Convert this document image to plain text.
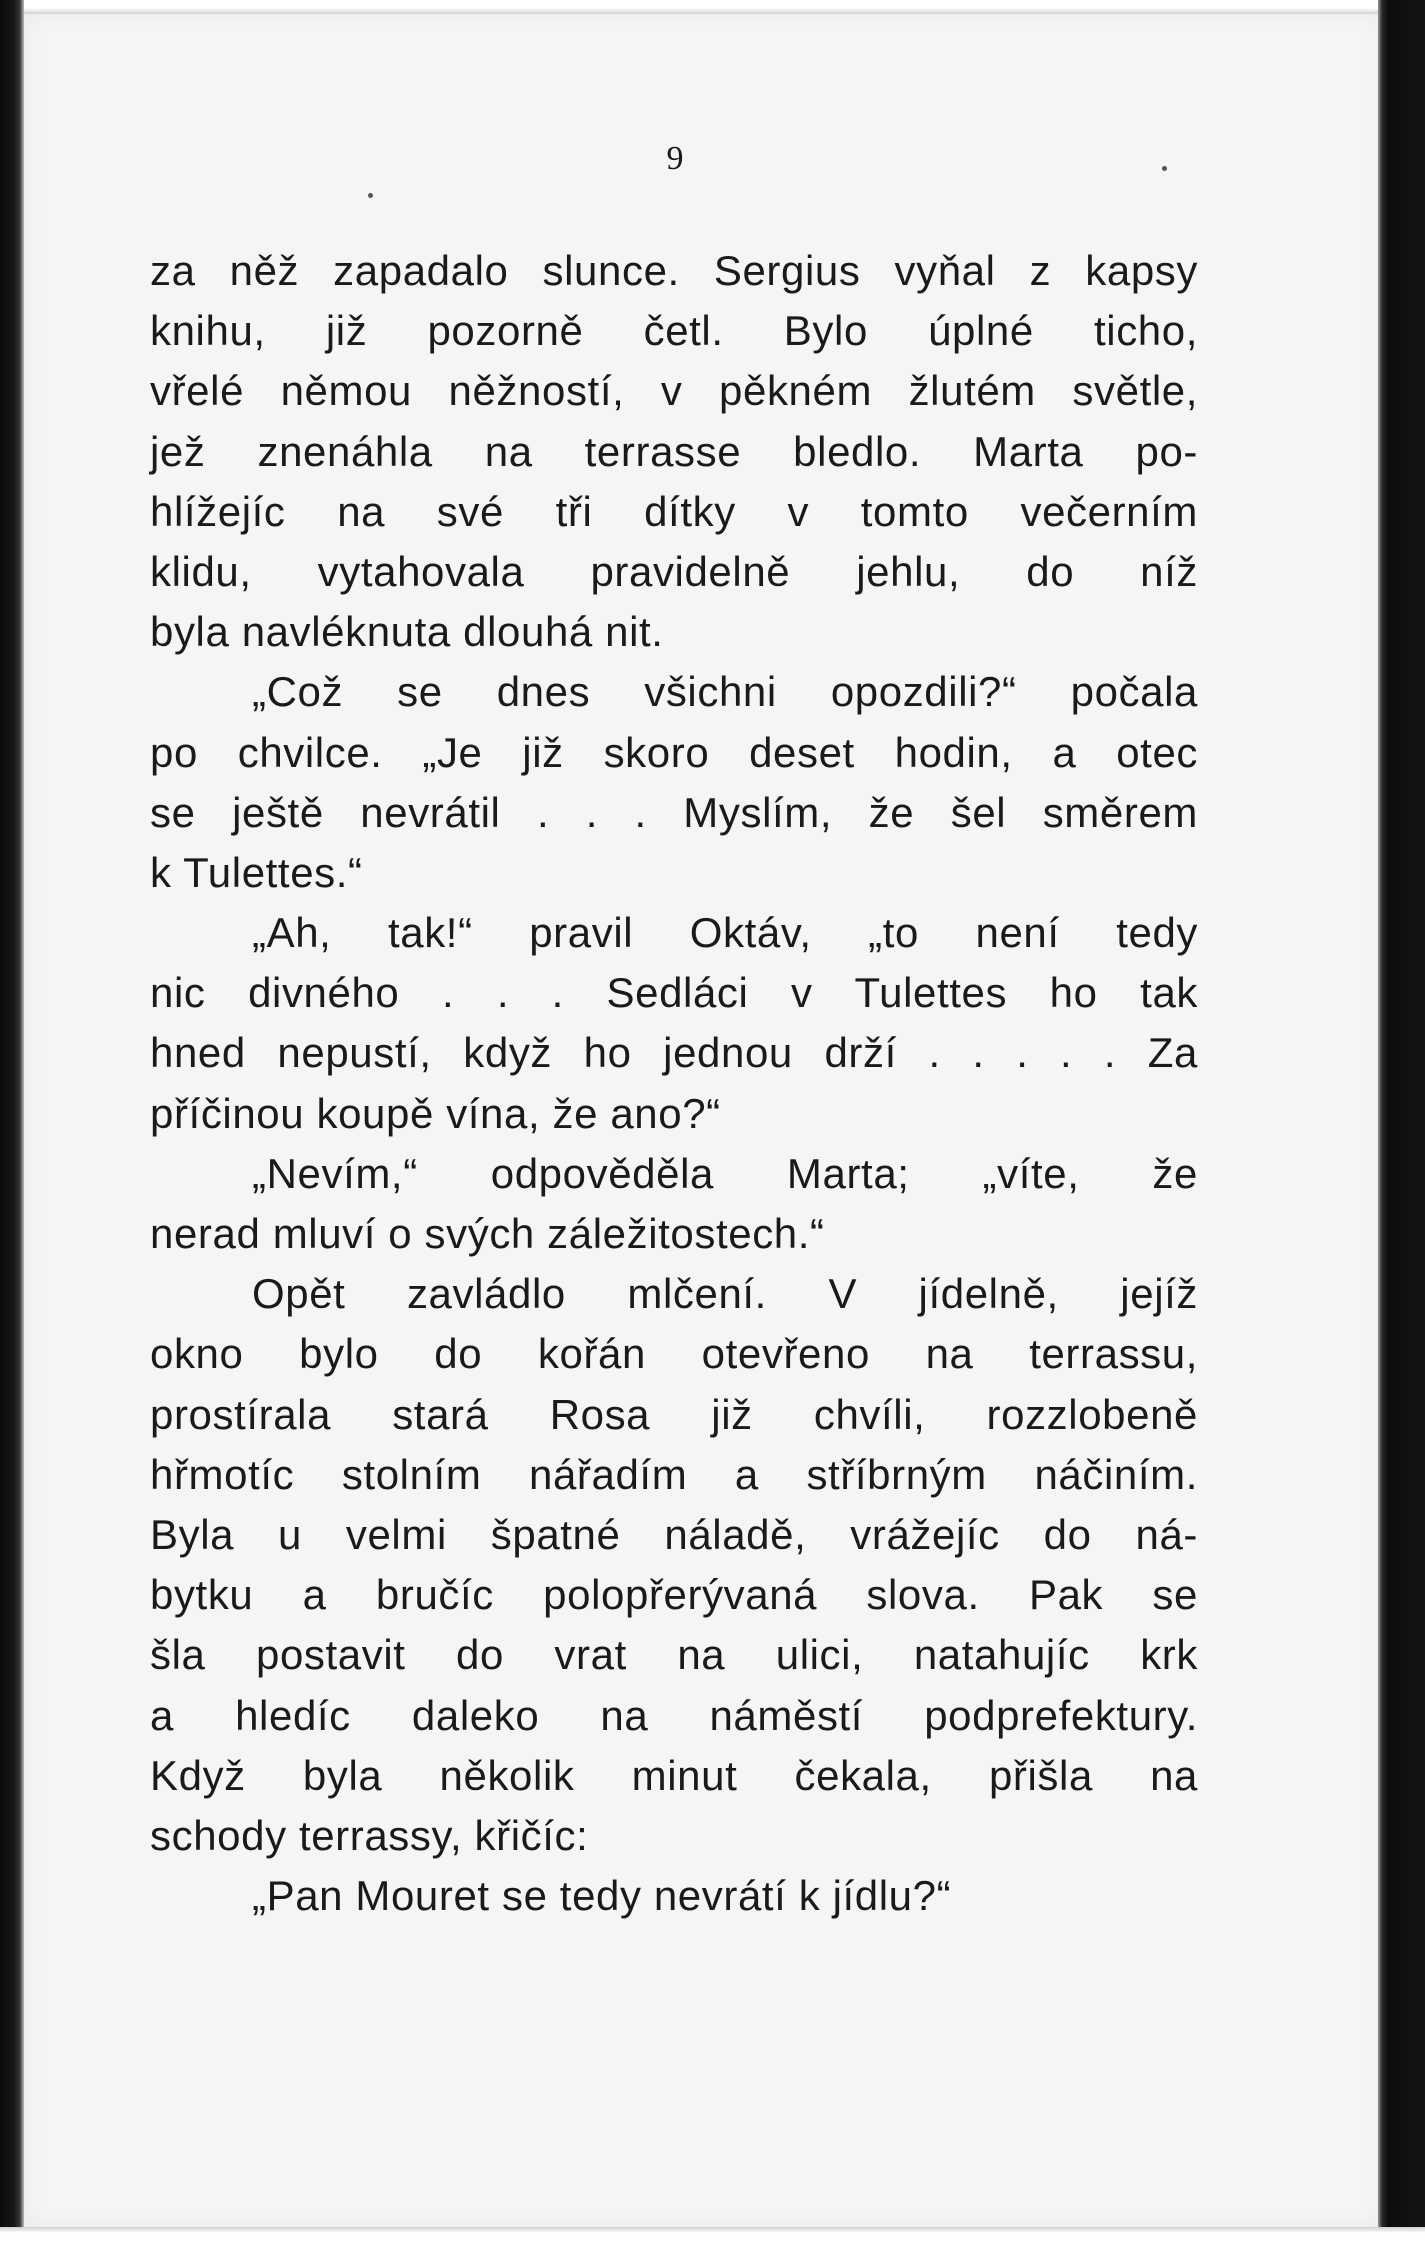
9
za něž zapadalo slunce. Sergius vyňal z kapsy
knihu, již pozorně četl. Bylo úplné ticho,
vřelé němou něžností, v pěkném žlutém světle,
jež znenáhla na terrasse bledlo. Marta po-
hlížejíc na své tři dítky v tomto večerním
klidu, vytahovala pravidelně jehlu, do níž
byla navléknuta dlouhá nit.
„Což se dnes všichni opozdili?“ počala
po chvilce. „Je již skoro deset hodin, a otec
se ještě nevrátil . . . Myslím, že šel směrem
k Tulettes.“
„Ah, tak!“ pravil Oktáv, „to není tedy
nic divného . . . Sedláci v Tulettes ho tak
hned nepustí, když ho jednou drží . . . . . Za
příčinou koupě vína, že ano?“
„Nevím,“ odpověděla Marta; „víte, že
nerad mluví o svých záležitostech.“
Opět zavládlo mlčení. V jídelně, jejíž
okno bylo do kořán otevřeno na terrassu,
prostírala stará Rosa již chvíli, rozzlobeně
hřmotíc stolním nářadím a stříbrným náčiním.
Byla u velmi špatné náladě, vrážejíc do ná-
bytku a bručíc polopřerývaná slova. Pak se
šla postavit do vrat na ulici, natahujíc krk
a hledíc daleko na náměstí podprefektury.
Když byla několik minut čekala, přišla na
schody terrassy, křičíc:
„Pan Mouret se tedy nevrátí k jídlu?“
